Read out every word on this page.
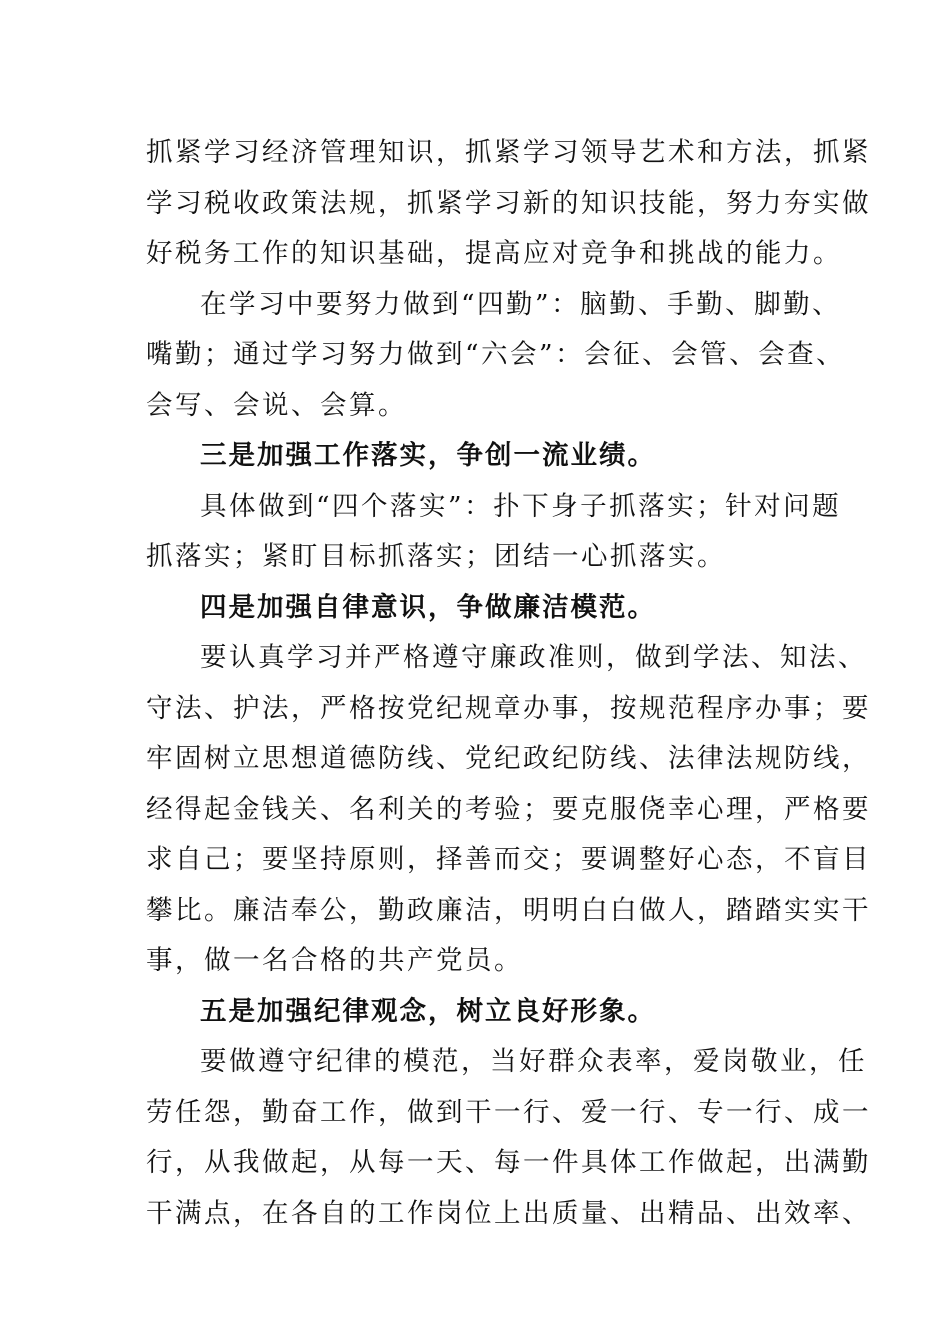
抓紧学习经济管理知识，抓紧学习领导艺术和方法，抓紧
学习税收政策法规，抓紧学习新的知识技能，努力夯实做
好税务工作的知识基础，提高应对竞争和挑战的能力。
在学习中要努力做到“四勤”：脑勤、手勤、脚勤、
嘴勤；通过学习努力做到“六会”：会征、会管、会查、
会写、会说、会算。
三是加强工作落实，争创一流业绩。
具体做到“四个落实”：扑下身子抓落实；针对问题
抓落实；紧盯目标抓落实；团结一心抓落实。
四是加强自律意识，争做廉洁模范。
要认真学习并严格遵守廉政准则，做到学法、知法、
守法、护法，严格按党纪规章办事，按规范程序办事；要
牢固树立思想道德防线、党纪政纪防线、法律法规防线，
经得起金钱关、名利关的考验；要克服侥幸心理，严格要
求自己；要坚持原则，择善而交；要调整好心态，不盲目
攀比。廉洁奉公，勤政廉洁，明明白白做人，踏踏实实干
事，做一名合格的共产党员。
五是加强纪律观念，树立良好形象。
要做遵守纪律的模范，当好群众表率，爱岗敬业，任
劳任怨，勤奋工作，做到干一行、爱一行、专一行、成一
行，从我做起，从每一天、每一件具体工作做起，出满勤
干满点，在各自的工作岗位上出质量、出精品、出效率、
